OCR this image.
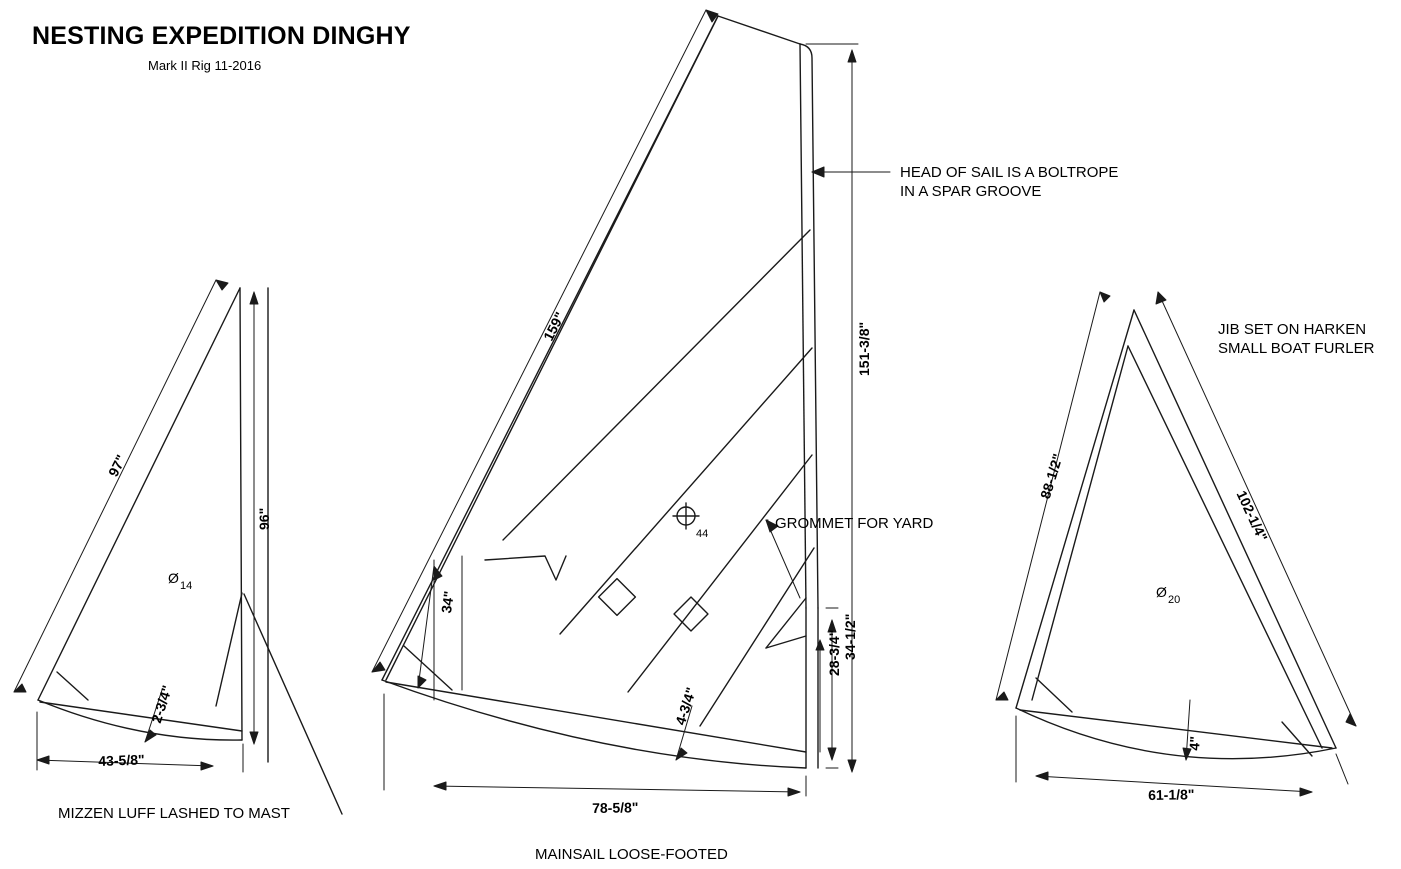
NESTING EXPEDITION DINGHY
Mark II Rig 11-2016
HEAD OF SAIL IS A BOLTROPE
IN A SPAR GROOVE
JIB SET ON HARKEN
SMALL BOAT FURLER
GROMMET FOR YARD
MIZZEN LUFF LASHED TO MAST
MAINSAIL LOOSE-FOOTED
97"
96"
2-3/4"
43-5/8"
Ø 14
159"	151-3/8"
34"
34-1/2"
28-3/4"
4-3/4"
78-5/8"
44
88-1/2"
102-1/4"
4"
61-1/8"
Ø 20
